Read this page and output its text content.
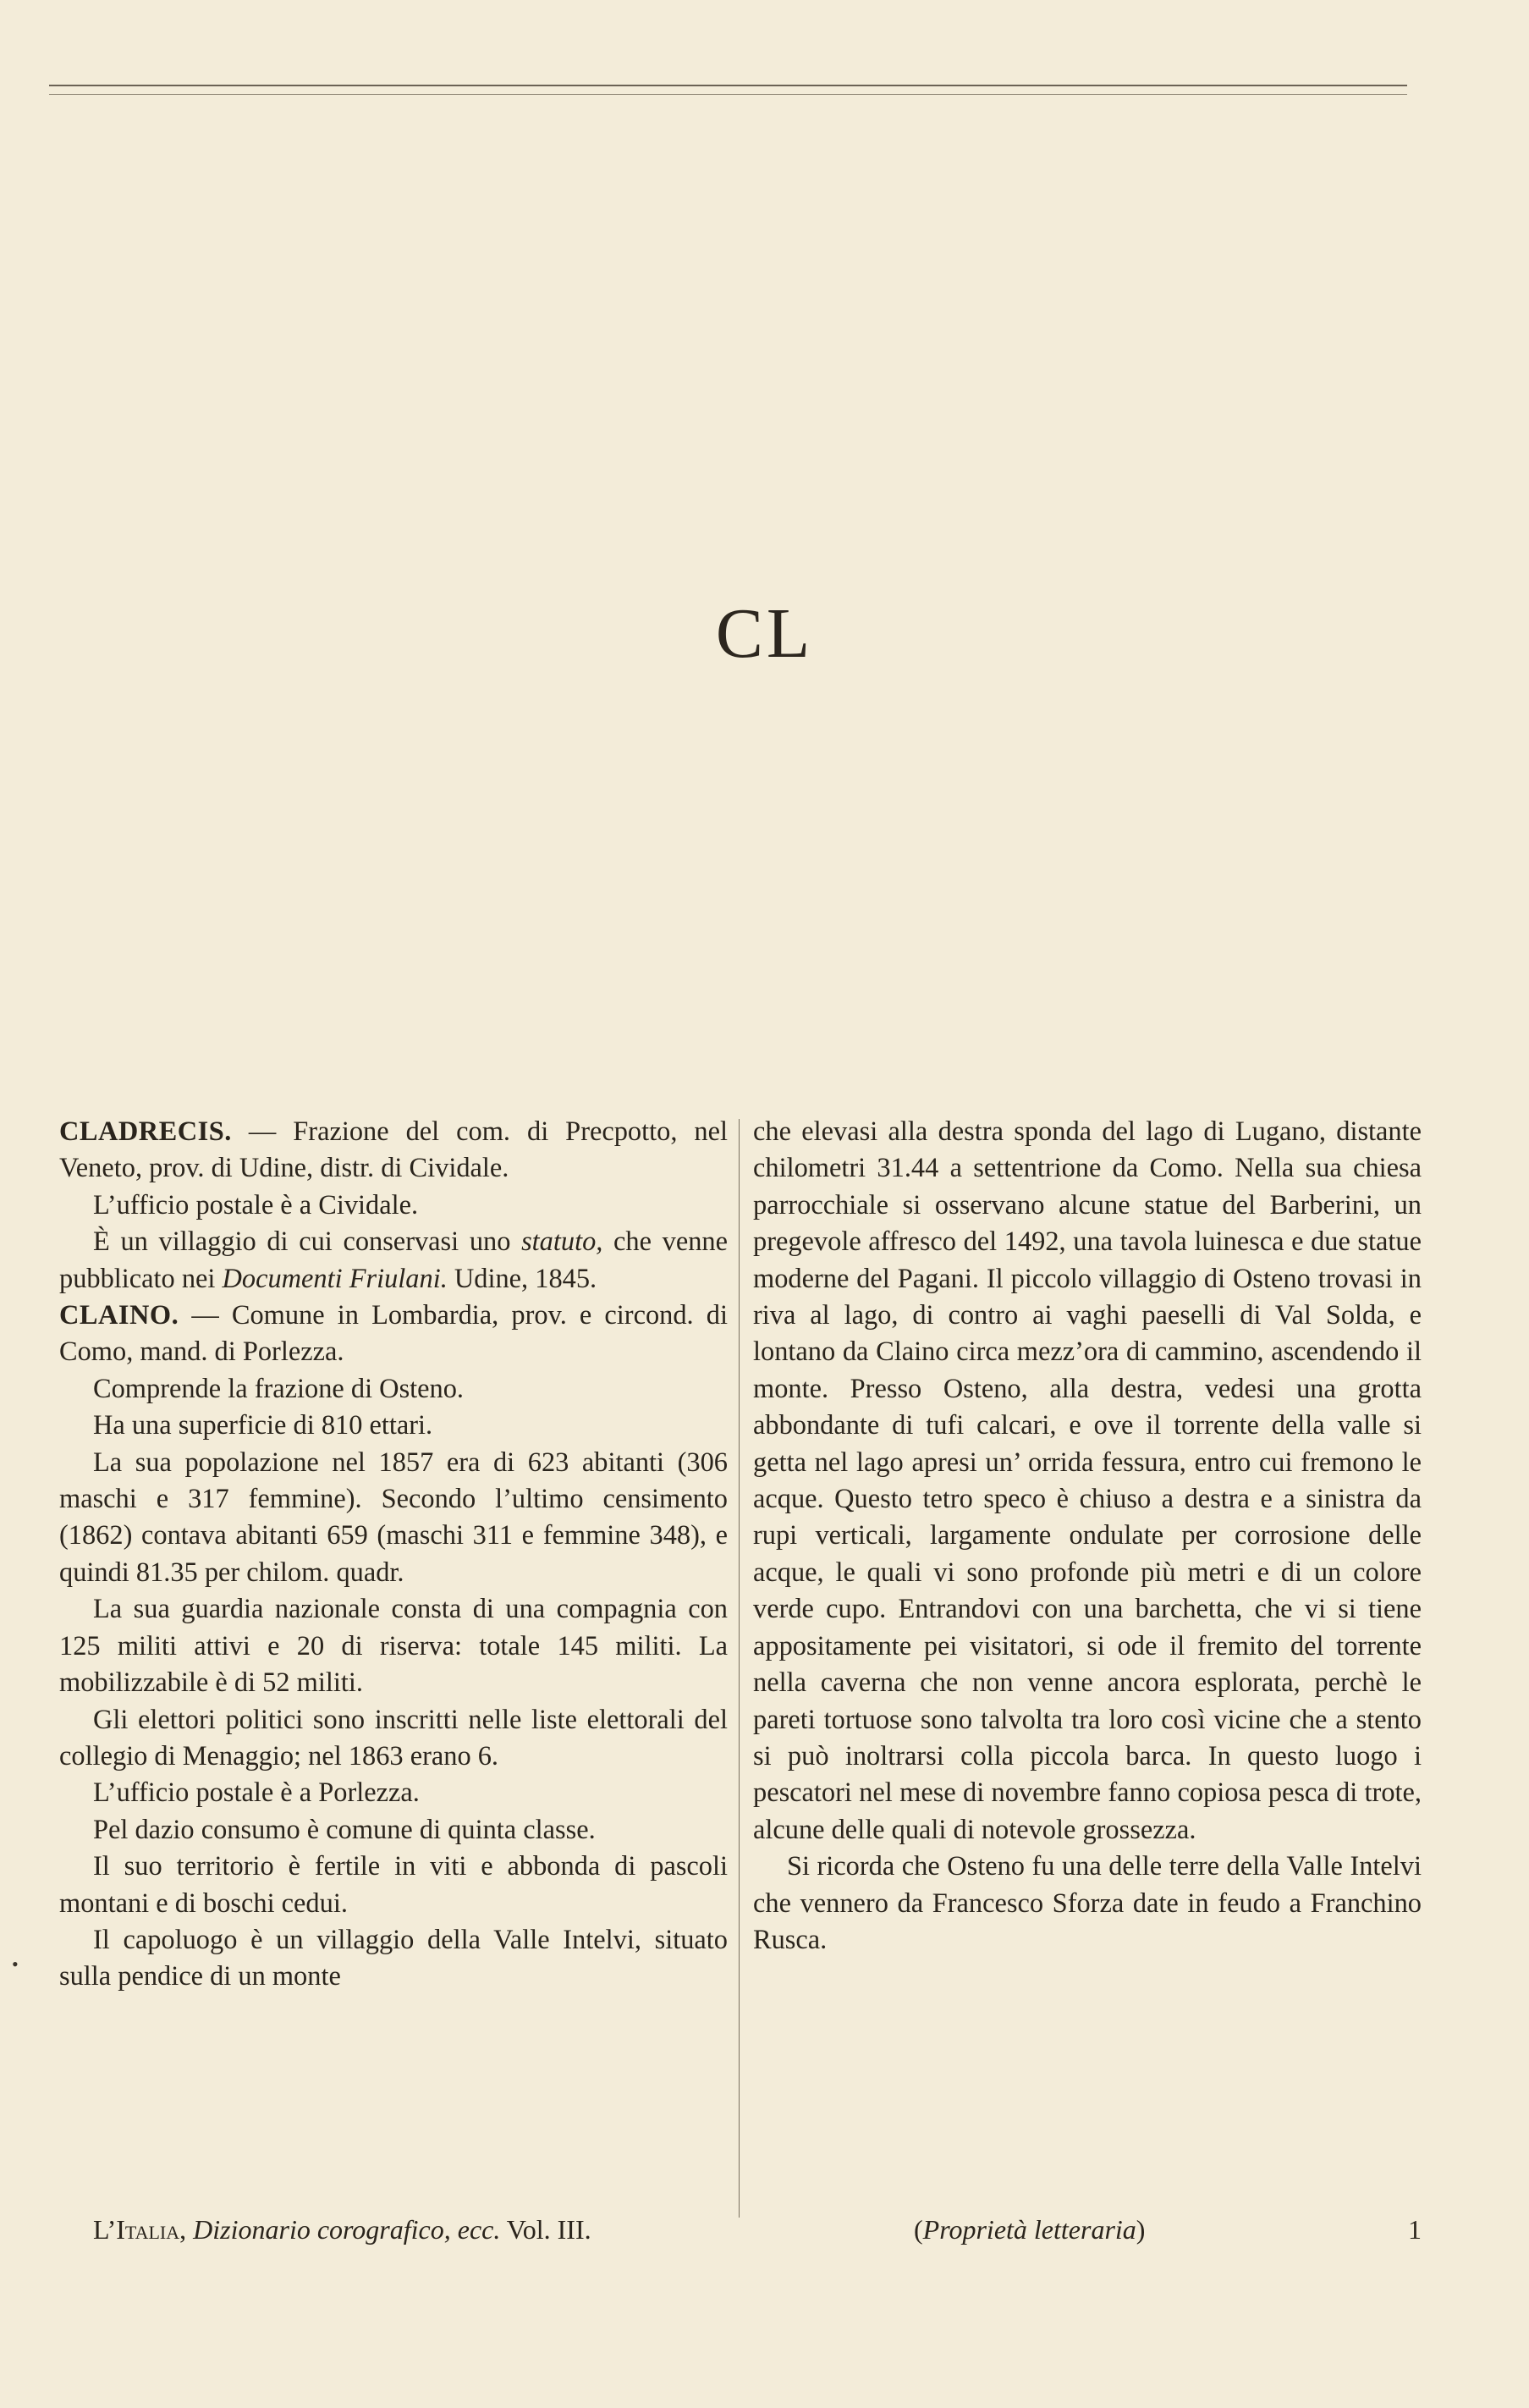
CL

CLADRECIS. — Frazione del com. di Precpotto, nel Veneto, prov. di Udine, distr. di Cividale.

L’ufficio postale è a Cividale.

È un villaggio di cui conservasi uno statuto, che venne pubblicato nei Documenti Friulani. Udine, 1845.

CLAINO. — Comune in Lombardia, prov. e circond. di Como, mand. di Porlezza.

Comprende la frazione di Osteno.

Ha una superficie di 810 ettari.

La sua popolazione nel 1857 era di 623 abitanti (306 maschi e 317 femmine). Secondo l’ultimo censimento (1862) contava abitanti 659 (maschi 311 e femmine 348), e quindi 81.35 per chilom. quadr.

La sua guardia nazionale consta di una compagnia con 125 militi attivi e 20 di riserva: totale 145 militi. La mobilizzabile è di 52 militi.

Gli elettori politici sono inscritti nelle liste elettorali del collegio di Menaggio; nel 1863 erano 6.

L’ufficio postale è a Porlezza.

Pel dazio consumo è comune di quinta classe.

Il suo territorio è fertile in viti e abbonda di pascoli montani e di boschi cedui.

Il capoluogo è un villaggio della Valle Intelvi, situato sulla pendice di un monte

che elevasi alla destra sponda del lago di Lugano, distante chilometri 31.44 a settentrione da Como. Nella sua chiesa parrocchiale si osservano alcune statue del Barberini, un pregevole affresco del 1492, una tavola luinesca e due statue moderne del Pagani. Il piccolo villaggio di Osteno trovasi in riva al lago, di contro ai vaghi paeselli di Val Solda, e lontano da Claino circa mezz’ora di cammino, ascendendo il monte. Presso Osteno, alla destra, vedesi una grotta abbondante di tufi calcari, e ove il torrente della valle si getta nel lago apresi un’ orrida fessura, entro cui fremono le acque. Questo tetro speco è chiuso a destra e a sinistra da rupi verticali, largamente ondulate per corrosione delle acque, le quali vi sono profonde più metri e di un colore verde cupo. Entrandovi con una barchetta, che vi si tiene appositamente pei visitatori, si ode il fremito del torrente nella caverna che non venne ancora esplorata, perchè le pareti tortuose sono talvolta tra loro così vicine che a stento si può inoltrarsi colla piccola barca. In questo luogo i pescatori nel mese di novembre fanno copiosa pesca di trote, alcune delle quali di notevole grossezza.

Si ricorda che Osteno fu una delle terre della Valle Intelvi che vennero da Francesco Sforza date in feudo a Franchino Rusca.

•
L’Italia, Dizionario corografico, ecc. Vol. III.	(Proprietà letteraria)	1
